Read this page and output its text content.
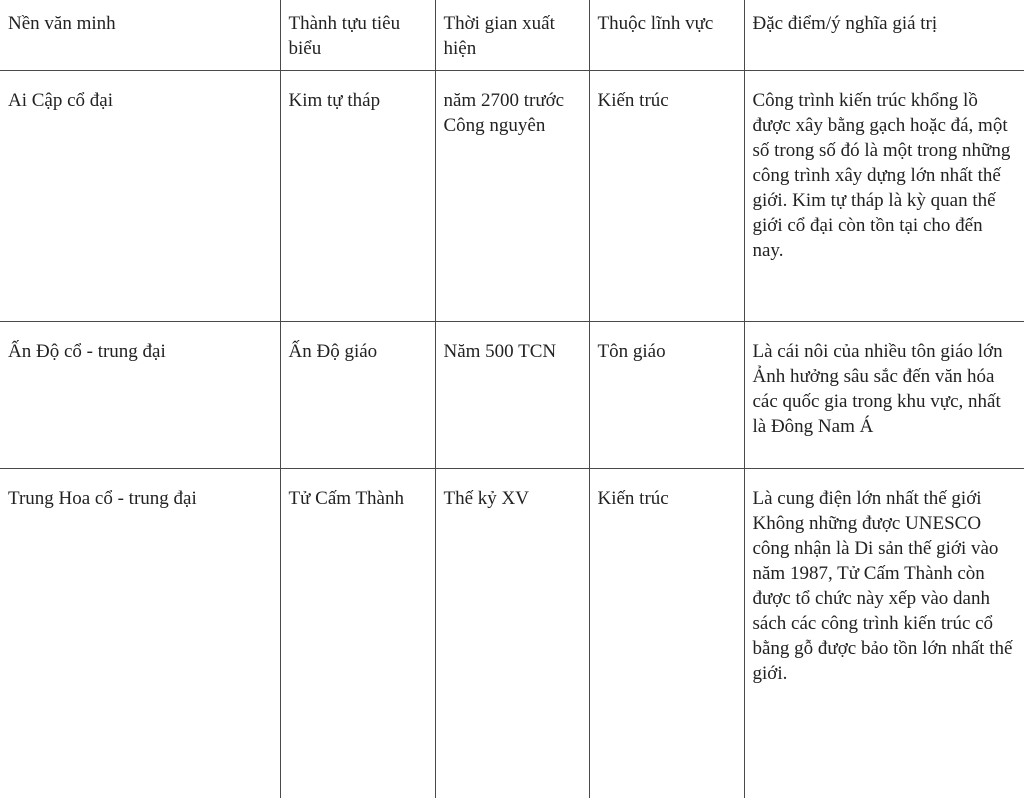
Nền văn minh	Thành tựu tiêu biểu	Thời gian xuất hiện	Thuộc lĩnh vực	Đặc điểm/ý nghĩa giá trị

Ai Cập cổ đại	Kim tự tháp	năm 2700 trước Công nguyên	Kiến trúc	Công trình kiến trúc khổng lồ được xây bằng gạch hoặc đá, một số trong số đó là một trong những công trình xây dựng lớn nhất thế giới. Kim tự tháp là kỳ quan thế giới cổ đại còn tồn tại cho đến nay.

Ấn Độ cổ - trung đại	Ấn Độ giáo	Năm 500 TCN	Tôn giáo	Là cái nôi của nhiều tôn giáo lớn
Ảnh hưởng sâu sắc đến văn hóa các quốc gia trong khu vực, nhất là Đông Nam Á

Trung Hoa cổ - trung đại	Tử Cấm Thành	Thế kỷ XV	Kiến trúc	Là cung điện lớn nhất thế giới
Không những được UNESCO công nhận là Di sản thế giới vào năm 1987, Tử Cấm Thành còn được tổ chức này xếp vào danh sách các công trình kiến trúc cổ bằng gỗ được bảo tồn lớn nhất thế giới.
